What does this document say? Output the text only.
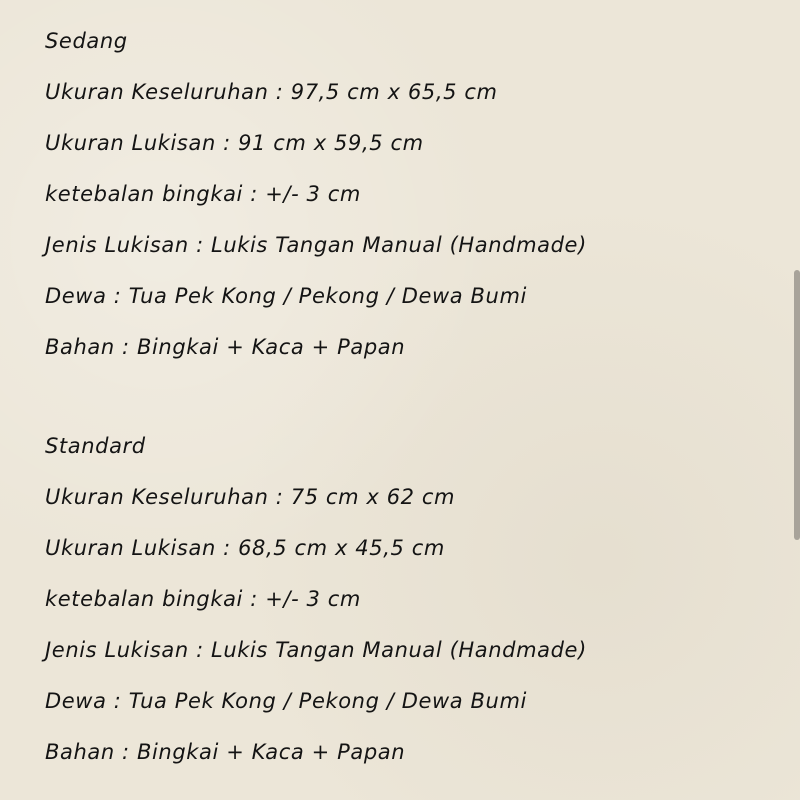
Sedang

Ukuran Keseluruhan : 97,5 cm x 65,5 cm

Ukuran Lukisan : 91 cm x 59,5 cm

ketebalan bingkai : +/- 3 cm

Jenis Lukisan : Lukis Tangan Manual (Handmade)

Dewa : Tua Pek Kong / Pekong / Dewa Bumi

Bahan : Bingkai + Kaca + Papan

Standard

Ukuran Keseluruhan : 75 cm x 62 cm

Ukuran Lukisan : 68,5 cm x 45,5 cm

ketebalan bingkai : +/- 3 cm

Jenis Lukisan : Lukis Tangan Manual (Handmade)

Dewa : Tua Pek Kong / Pekong / Dewa Bumi

Bahan : Bingkai + Kaca + Papan
